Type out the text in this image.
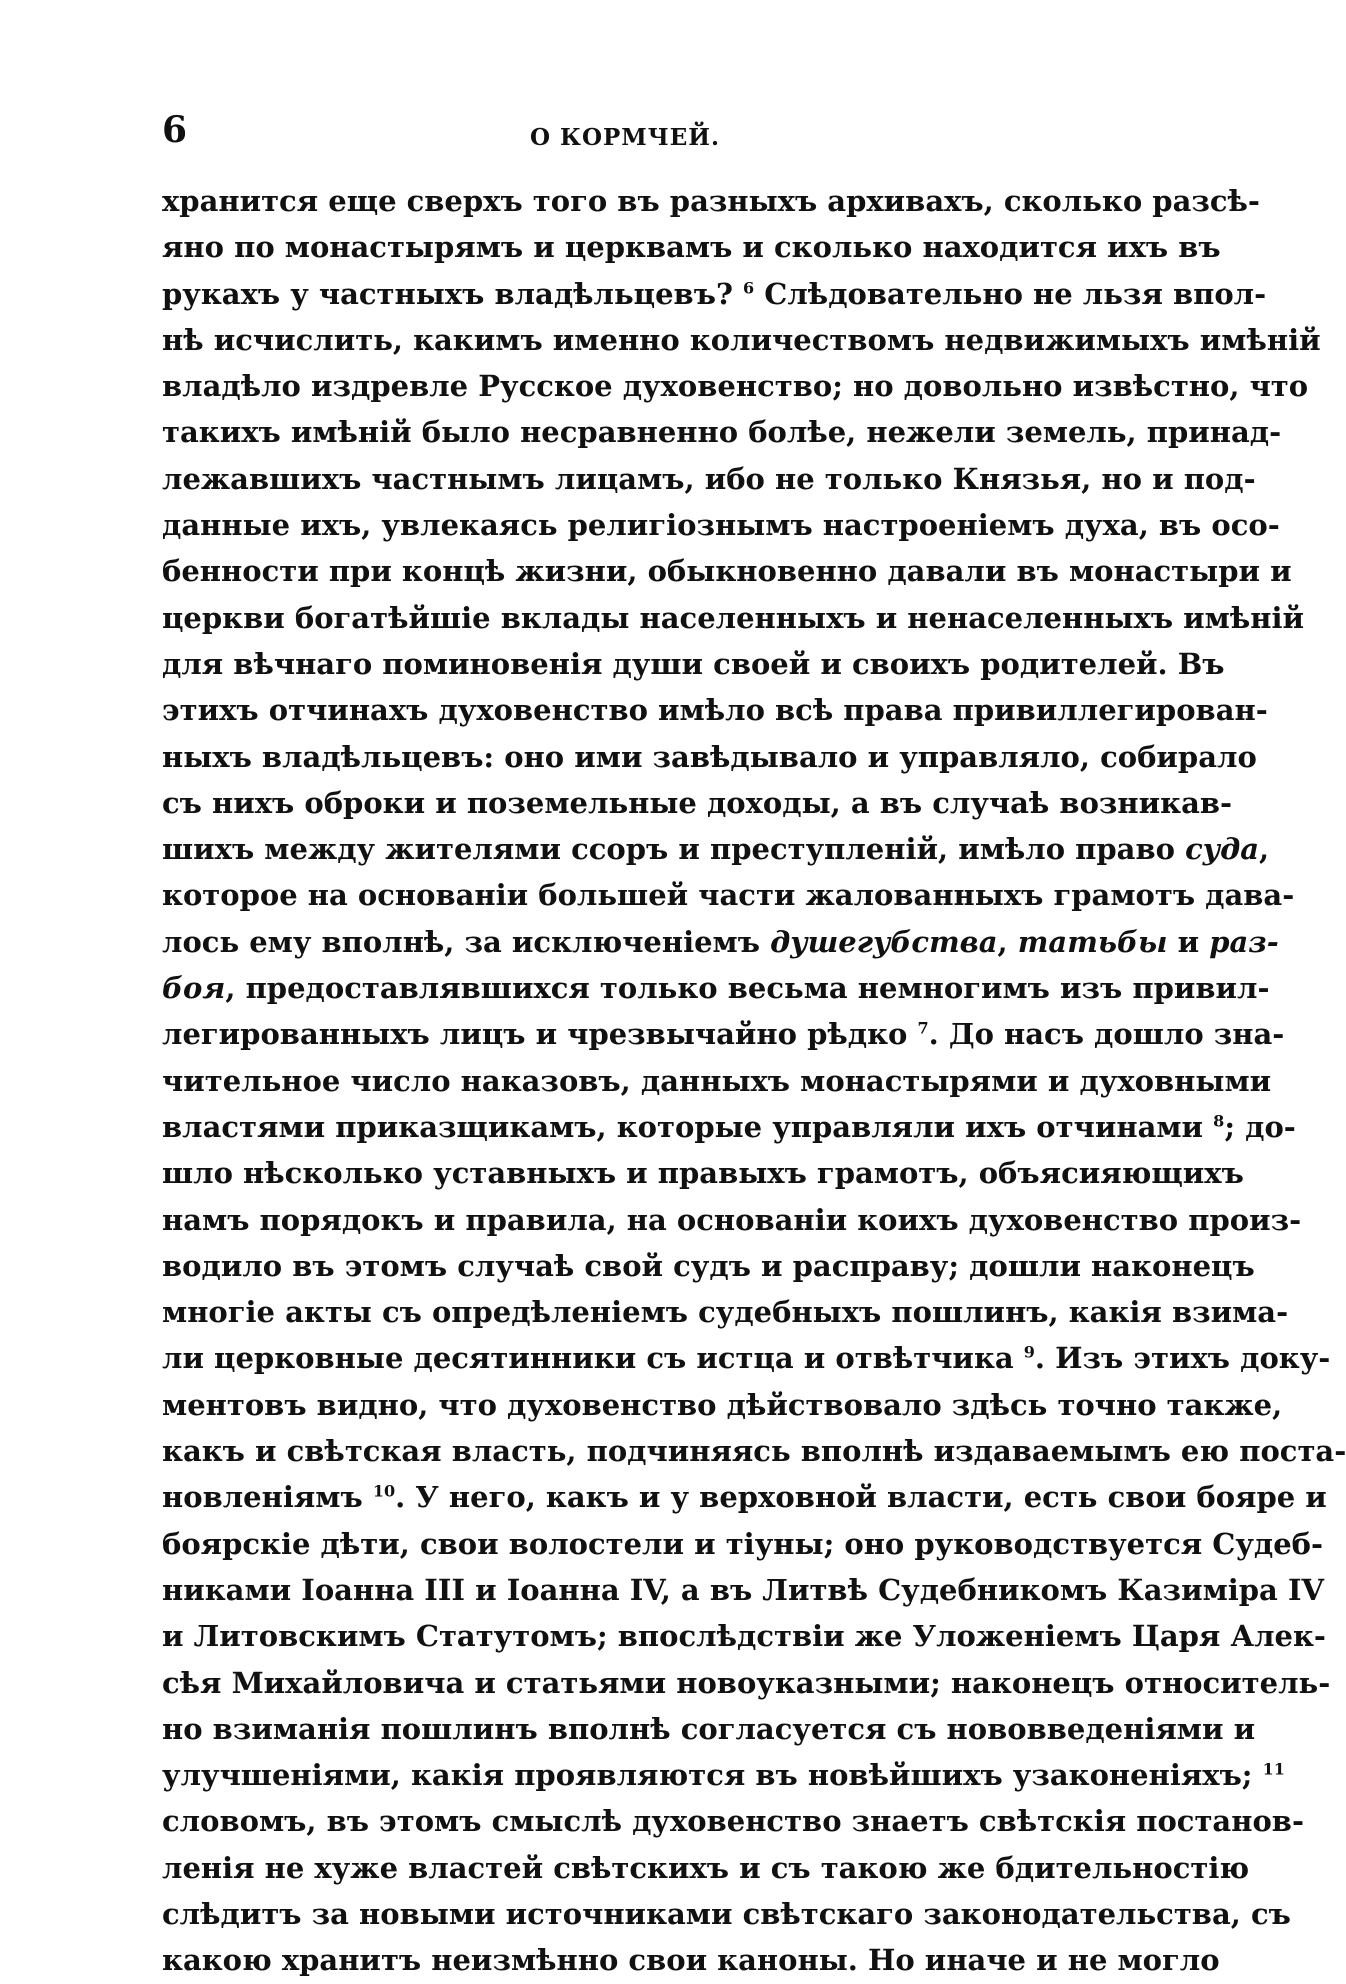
6	О КОРМЧЕЙ.
хранится еще сверхъ того въ разныхъ архивахъ, сколько разсѣ-
яно по монастырямъ и церквамъ и сколько находится ихъ въ
рукахъ у частныхъ владѣльцевъ? $^6$ Слѣдовательно не льзя впол-
нѣ исчислить, какимъ именно количествомъ недвижимыхъ имѣній
владѣло издревле Русское духовенство; но довольно извѣстно, что
такихъ имѣній было несравненно болѣе, нежели земель, принад-
лежавшихъ частнымъ лицамъ, ибо не только Князья, но и под-
данные ихъ, увлекаясь религіознымъ настроеніемъ духа, въ осо-
бенности при концѣ жизни, обыкновенно давали въ монастыри и
церкви богатѣйшіе вклады населенныхъ и ненаселенныхъ имѣній
для вѣчнаго поминовенія души своей и своихъ родителей. Въ
этихъ отчинахъ духовенство имѣло всѣ права привиллегирован-
ныхъ владѣльцевъ: оно ими завѣдывало и управляло, собирало
съ нихъ оброки и поземельные доходы, а въ случаѣ возникав-
шихъ между жителями ссоръ и преступленій, имѣло право суда,
которое на основаніи большей части жалованныхъ грамотъ дава-
лось ему вполнѣ, за исключеніемъ душегубства, татьбы и раз-
боя, предоставлявшихся только весьма немногимъ изъ привил-
легированныхъ лицъ и чрезвычайно рѣдко $^7$. До насъ дошло зна-
чительное число наказовъ, данныхъ монастырями и духовными
властями приказщикамъ, которые управляли ихъ отчинами $^8$; до-
шло нѣсколько уставныхъ и правыхъ грамотъ, объясияющихъ
намъ порядокъ и правила, на основаніи коихъ духовенство произ-
водило въ этомъ случаѣ свой судъ и расправу; дошли наконецъ
многіе акты съ опредѣленіемъ судебныхъ пошлинъ, какія взима-
ли церковные десятинники съ истца и отвѣтчика $^9$. Изъ этихъ доку-
ментовъ видно, что духовенство дѣйствовало здѣсь точно также,
какъ и свѣтская власть, подчиняясь вполнѣ издаваемымъ ею поста-
новленіямъ $^{10}$. У него, какъ и у верховной власти, есть свои бояре и
боярскіе дѣти, свои волостели и тіуны; оно руководствуется Судеб-
никами Іоанна III и Іоанна IV, а въ Литвѣ Судебникомъ Казиміра IV
и Литовскимъ Статутомъ; впослѣдствіи же Уложеніемъ Царя Алек-
сѣя Михайловича и статьями новоуказными; наконецъ относитель-
но взиманія пошлинъ вполнѣ согласуется съ нововведеніями и
улучшеніями, какія проявляются въ новѣйшихъ узаконеніяхъ; $^{11}$
словомъ, въ этомъ смыслѣ духовенство знаетъ свѣтскія постанов-
ленія не хуже властей свѣтскихъ и съ такою же бдительностію
слѣдитъ за новыми источниками свѣтскаго законодательства, съ
какою хранитъ неизмѣнно свои каноны. Но иначе и не могло
